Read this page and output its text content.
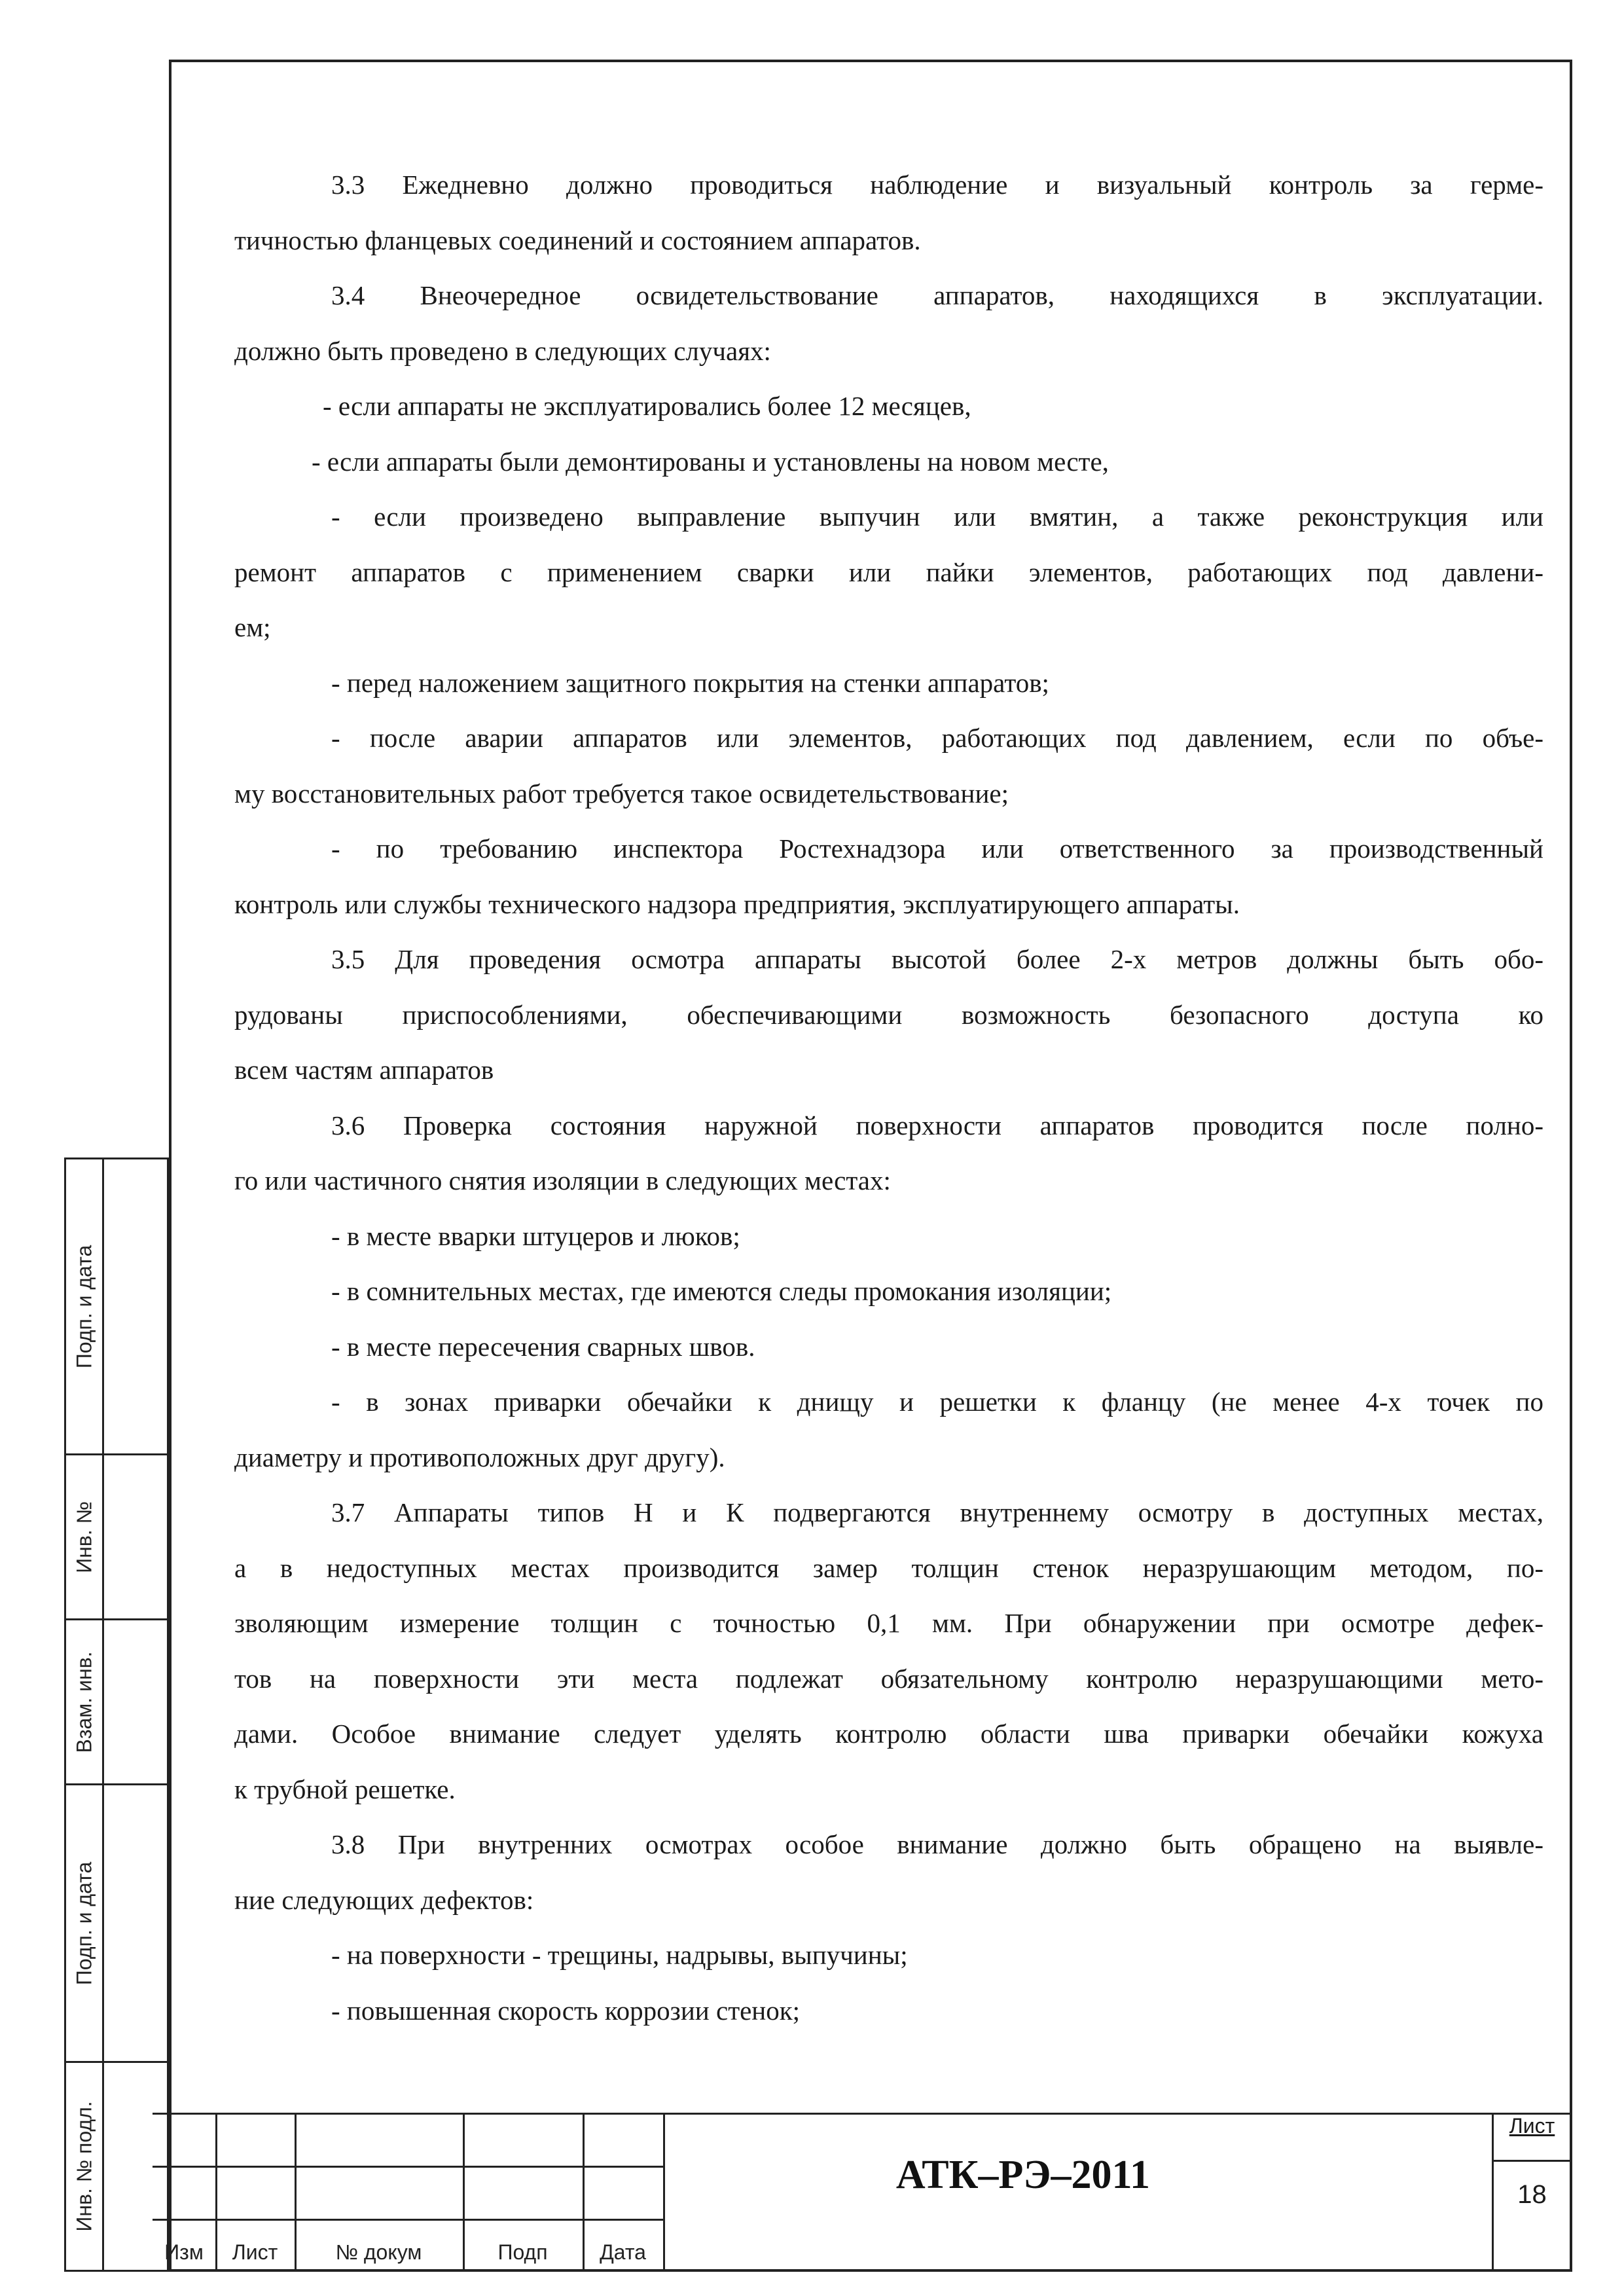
3.3 Ежедневно должно проводиться наблюдение и визуальный контроль за герме-
тичностью фланцевых соединений и состоянием аппаратов.
3.4 Внеочередное освидетельствование аппаратов, находящихся в эксплуатации.
должно быть проведено в следующих случаях:
- если аппараты не эксплуатировались более 12 месяцев,
- если аппараты были демонтированы и установлены на новом месте,
- если произведено выправление выпучин или вмятин, а также реконструкция или
ремонт аппаратов с применением сварки или пайки элементов, работающих под давлени-
ем;
- перед наложением защитного покрытия на стенки аппаратов;
- после аварии аппаратов или элементов, работающих под давлением, если по объе-
му восстановительных работ требуется такое освидетельствование;
- по требованию инспектора Ростехнадзора или ответственного за производственный
контроль или службы технического надзора предприятия, эксплуатирующего аппараты.
3.5 Для проведения осмотра аппараты высотой более 2-х метров должны быть обо-
рудованы приспособлениями, обеспечивающими возможность безопасного доступа ко
всем частям аппаратов
3.6 Проверка состояния наружной поверхности аппаратов проводится после полно-
го или частичного снятия изоляции в следующих местах:
- в месте вварки штуцеров и люков;
- в сомнительных местах, где имеются следы промокания изоляции;
- в месте пересечения сварных швов.
- в зонах приварки обечайки к днищу и решетки к фланцу (не менее 4-х точек по
диаметру и противоположных друг другу).
3.7 Аппараты типов Н и К подвергаются внутреннему осмотру в доступных местах,
а в недоступных местах производится замер толщин стенок неразрушающим методом, по-
зволяющим измерение толщин с точностью 0,1 мм. При обнаружении при осмотре дефек-
тов на поверхности эти места подлежат обязательному контролю неразрушающими мето-
дами. Особое внимание следует уделять контролю области шва приварки обечайки кожуха
к трубной решетке.
3.8 При внутренних осмотрах особое внимание должно быть обращено на выявле-
ние следующих дефектов:
- на поверхности - трещины, надрывы, выпучины;
- повышенная скорость коррозии стенок;
Подп. и дата
Инв. №
Взам. инв.
Подп. и дата
Инв. № подл.
Изм	Лист	№ докум	Подп	Дата
АТК–РЭ–2011
Лист
18
